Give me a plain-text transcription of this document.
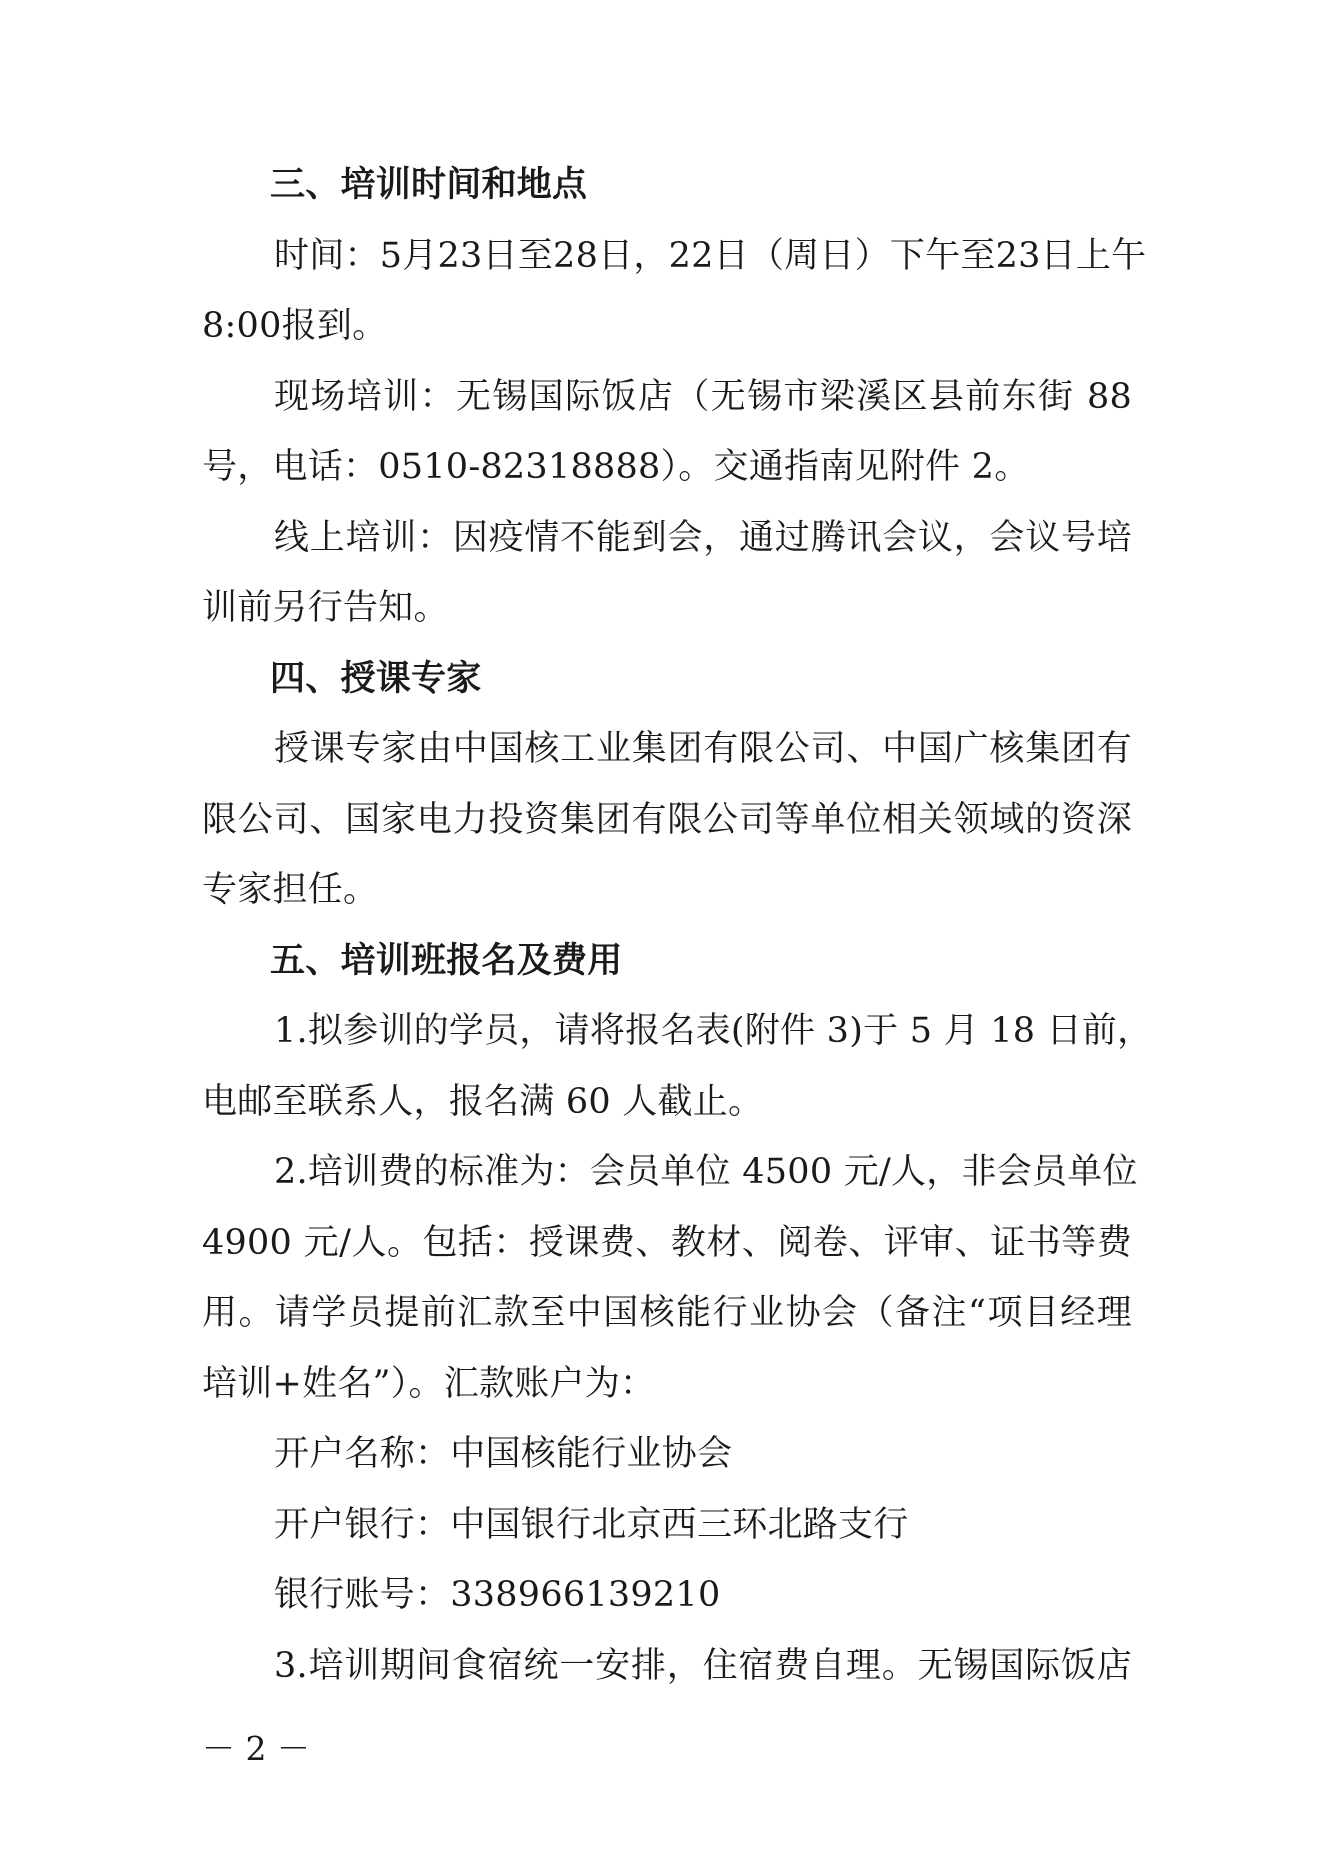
三、培训时间和地点
时间：5月23日至28日，22日（周日）下午至23日上午
8:00报到。
现场培训：无锡国际饭店（无锡市梁溪区县前东街 88
号，电话：0510-82318888）。交通指南见附件 2。
线上培训：因疫情不能到会，通过腾讯会议，会议号培
训前另行告知。
四、授课专家
授课专家由中国核工业集团有限公司、中国广核集团有
限公司、国家电力投资集团有限公司等单位相关领域的资深
专家担任。
五、培训班报名及费用
1.拟参训的学员，请将报名表(附件 3)于 5 月 18 日前，
电邮至联系人，报名满 60 人截止。
2.培训费的标准为：会员单位 4500 元/人，非会员单位
4900 元/人。包括：授课费、教材、阅卷、评审、证书等费
用。请学员提前汇款至中国核能行业协会（备注“项目经理
培训+姓名”）。汇款账户为：
开户名称：中国核能行业协会
开户银行：中国银行北京西三环北路支行
银行账号：338966139210
3.培训期间食宿统一安排，住宿费自理。无锡国际饭店
－ 2 －
